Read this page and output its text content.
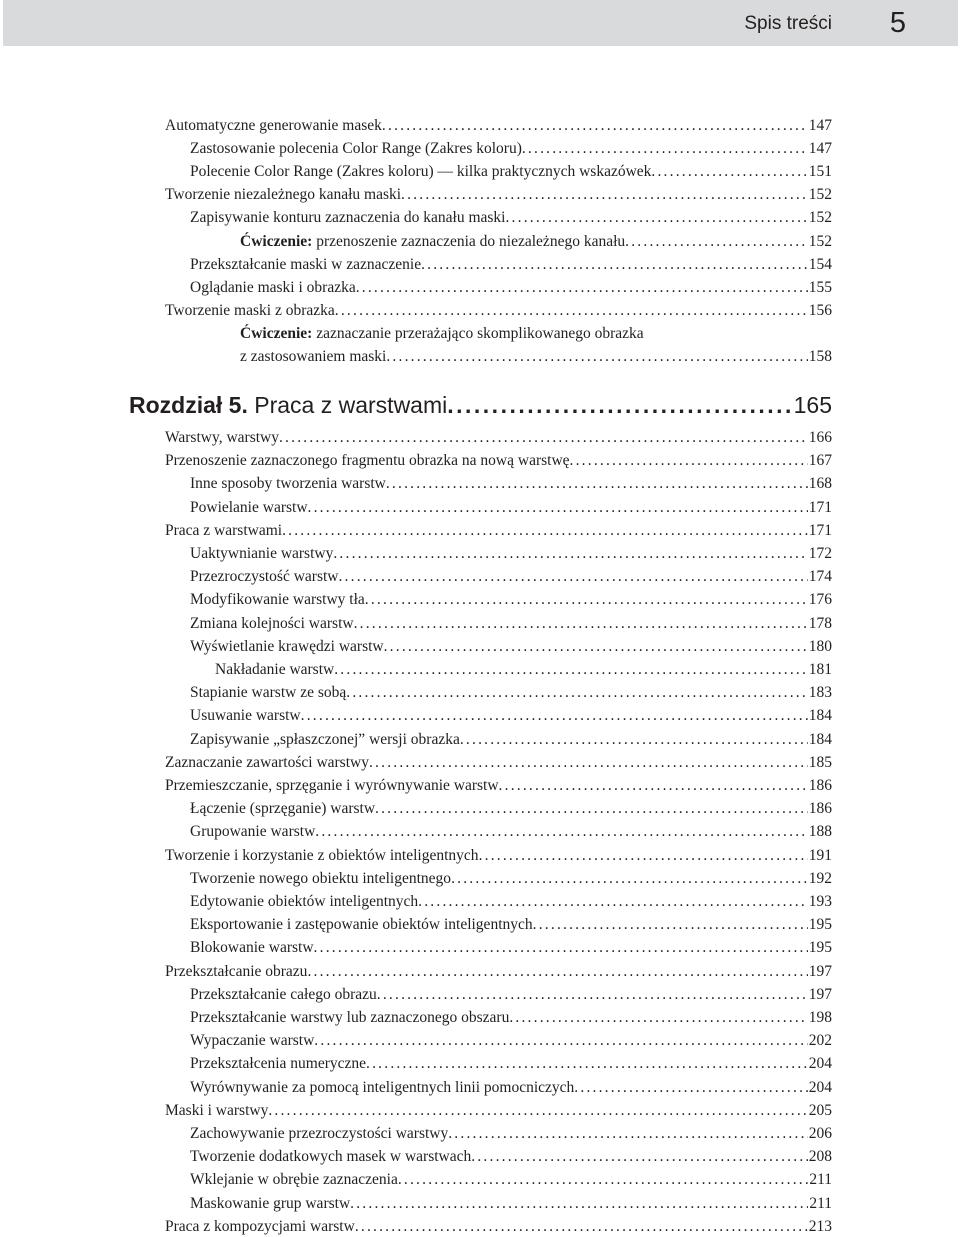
Spis treści 5
Automatyczne generowanie masek .....	147
Zastosowanie polecenia Color Range (Zakres koloru) .....	147
Polecenie Color Range (Zakres koloru) — kilka praktycznych wskazówek .....	151
Tworzenie niezależnego kanału maski .....	152
Zapisywanie konturu zaznaczenia do kanału maski .....	152
Ćwiczenie: przenoszenie zaznaczenia do niezależnego kanału .....	152
Przekształcanie maski w zaznaczenie .....	154
Oglądanie maski i obrazka .....	155
Tworzenie maski z obrazka .....	156
Ćwiczenie: zaznaczanie przerażająco skomplikowanego obrazka
z zastosowaniem maski .....	158
Rozdział 5. Praca z warstwami .....	165
Warstwy, warstwy .....	166
Przenoszenie zaznaczonego fragmentu obrazka na nową warstwę .....	167
Inne sposoby tworzenia warstw .....	168
Powielanie warstw .....	171
Praca z warstwami .....	171
Uaktywnianie warstwy .....	172
Przezroczystość warstw .....	174
Modyfikowanie warstwy tła .....	176
Zmiana kolejności warstw .....	178
Wyświetlanie krawędzi warstw .....	180
Nakładanie warstw .....	181
Stapianie warstw ze sobą .....	183
Usuwanie warstw .....	184
Zapisywanie „spłaszczonej” wersji obrazka .....	184
Zaznaczanie zawartości warstwy .....	185
Przemieszczanie, sprzęganie i wyrównywanie warstw .....	186
Łączenie (sprzęganie) warstw .....	186
Grupowanie warstw .....	188
Tworzenie i korzystanie z obiektów inteligentnych .....	191
Tworzenie nowego obiektu inteligentnego .....	192
Edytowanie obiektów inteligentnych .....	193
Eksportowanie i zastępowanie obiektów inteligentnych .....	195
Blokowanie warstw .....	195
Przekształcanie obrazu .....	197
Przekształcanie całego obrazu .....	197
Przekształcanie warstwy lub zaznaczonego obszaru .....	198
Wypaczanie warstw .....	202
Przekształcenia numeryczne .....	204
Wyrównywanie za pomocą inteligentnych linii pomocniczych .....	204
Maski i warstwy .....	205
Zachowywanie przezroczystości warstwy .....	206
Tworzenie dodatkowych masek w warstwach .....	208
Wklejanie w obrębie zaznaczenia .....	211
Maskowanie grup warstw .....	211
Praca z kompozycjami warstw .....	213
